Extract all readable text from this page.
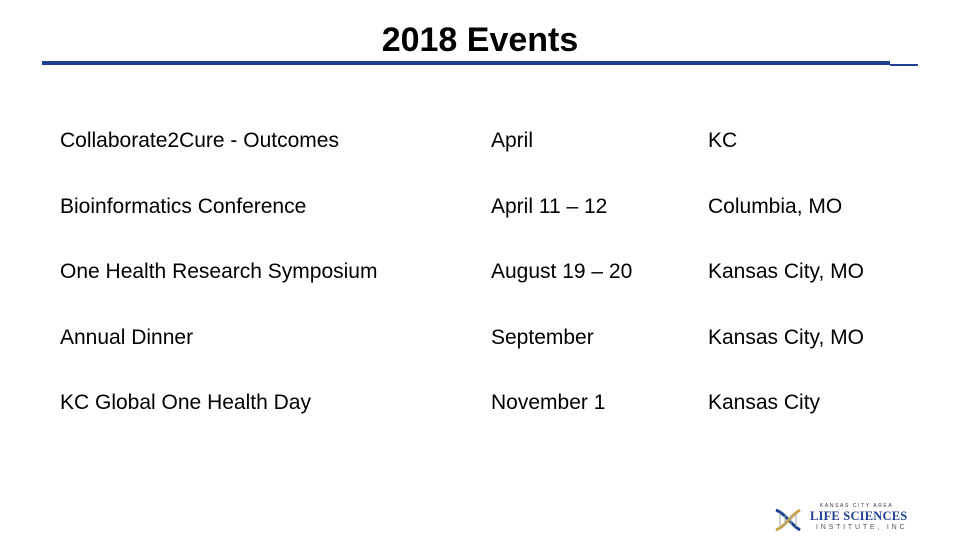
2018 Events
Collaborate2Cure - Outcomes	April	KC
Bioinformatics Conference	April 11 – 12	Columbia, MO
One Health Research Symposium	August 19 – 20	Kansas City, MO
Annual Dinner	September	Kansas City, MO
KC Global One Health Day	November 1	Kansas City
KANSAS CITY AREA
LIFE SCIENCES
INSTITUTE, INC
